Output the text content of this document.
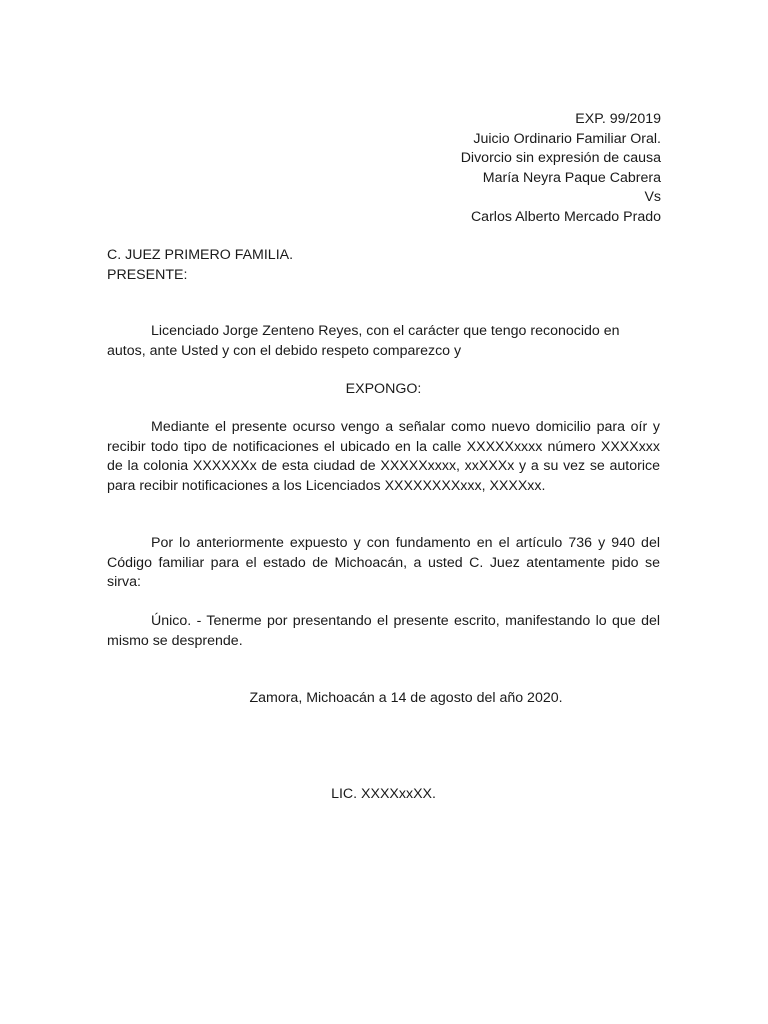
EXP. 99/2019
Juicio Ordinario Familiar Oral.
Divorcio sin expresión de causa
María Neyra Paque Cabrera
Vs
Carlos Alberto Mercado Prado
C. JUEZ PRIMERO FAMILIA.
PRESENTE:
Licenciado Jorge Zenteno Reyes, con el carácter que tengo reconocido en autos, ante Usted y con el debido respeto comparezco y
EXPONGO:
Mediante el presente ocurso vengo a señalar como nuevo domicilio para oír y recibir todo tipo de notificaciones el ubicado en la calle XXXXXxxxx número XXXXxxx de la colonia XXXXXXx de esta ciudad de XXXXXxxxx, xxXXXx y a su vez se autorice para recibir notificaciones a los Licenciados XXXXXXXXxxx, XXXXxx.
Por lo anteriormente expuesto y con fundamento en el artículo 736 y 940 del Código familiar para el estado de Michoacán, a usted C. Juez atentamente pido se sirva:
Único. - Tenerme por presentando el presente escrito, manifestando lo que del mismo se desprende.
Zamora, Michoacán a 14 de agosto del año 2020.
LIC. XXXXxxXX.
